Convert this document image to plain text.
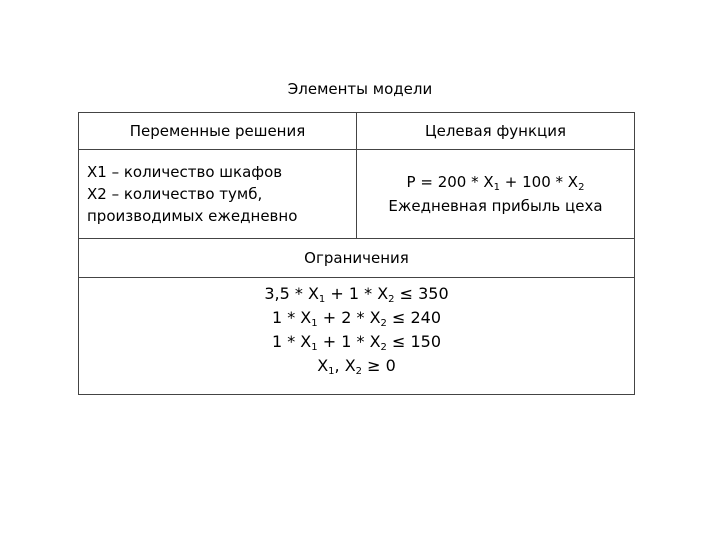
Элементы модели
Переменные решения	Целевая функция

X1 – количество шкафов
X2 – количество тумб,
производимых ежедневно	$P = 200 * X_1 + 100 * X_2$
Ежедневная прибыль цеха

Ограничения	

$3,5 * X_1 + 1 * X_2 \le 350$
$1 * X_1 + 2 * X_2 \le 240$
$1 * X_1 + 1 * X_2 \le 150$
$X_1$, $X_2 \ge 0$	
